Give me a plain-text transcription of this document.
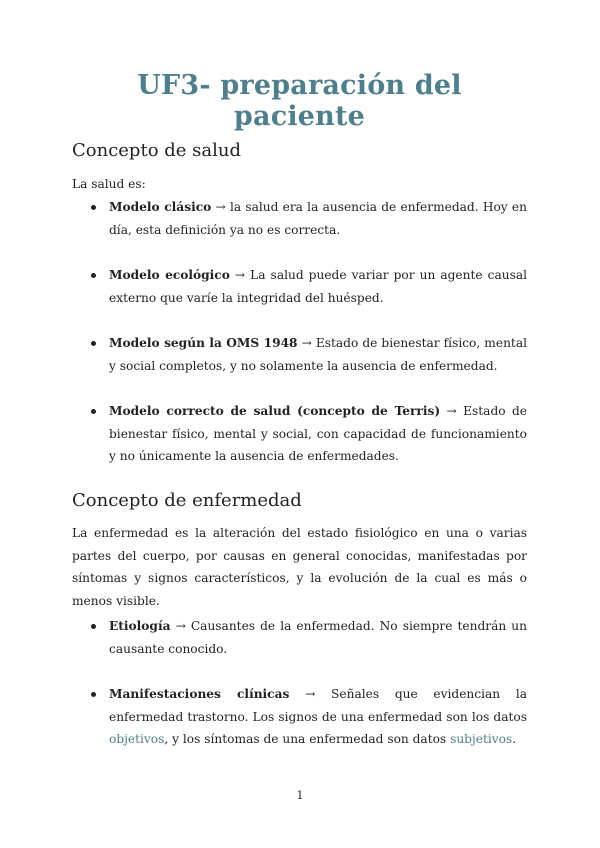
UF3- preparación del paciente
Concepto de salud

La salud es:

Modelo clásico → la salud era la ausencia de enfermedad. Hoy en día, esta definición ya no es correcta.
Modelo ecológico → La salud puede variar por un agente causal externo que varíe la integridad del huésped.
Modelo según la OMS 1948 → Estado de bienestar físico, mental y social completos, y no solamente la ausencia de enfermedad.
Modelo correcto de salud (concepto de Terris) → Estado de bienestar físico, mental y social, con capacidad de funcionamiento y no únicamente la ausencia de enfermedades.
Concepto de enfermedad

La enfermedad es la alteración del estado fisiológico en una o varias partes del cuerpo, por causas en general conocidas, manifestadas por síntomas y signos característicos, y la evolución de la cual es más o menos visible.

Etiología → Causantes de la enfermedad. No siempre tendrán un causante conocido.
Manifestaciones clínicas → Señales que evidencian la enfermedad trastorno. Los signos de una enfermedad son los datos objetivos, y los síntomas de una enfermedad son datos subjetivos.
1
